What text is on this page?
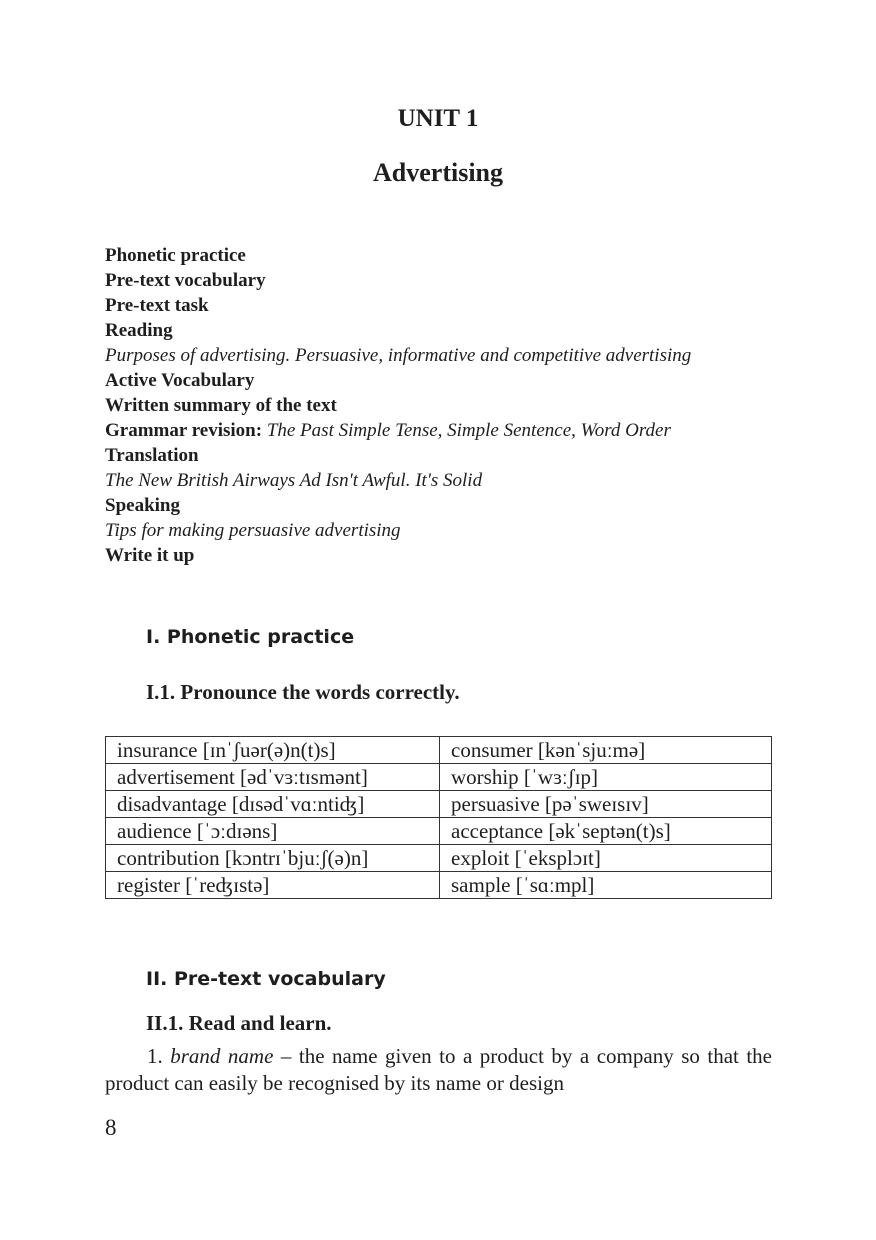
UNIT 1
Advertising
Phonetic practice
Pre-text vocabulary
Pre-text task
Reading
Purposes of advertising. Persuasive, informative and competitive advertising
Active Vocabulary
Written summary of the text
Grammar revision: The Past Simple Tense, Simple Sentence, Word Order
Translation
The New British Airways Ad Isn't Awful. It's Solid
Speaking
Tips for making persuasive advertising
Write it up
I. Phonetic practice
I.1. Pronounce the words correctly.
insurance [ɪnˈʃuər(ə)n(t)s]	consumer [kənˈsjuːmə]
advertisement [ədˈvɜːtɪsmənt]	worship [ˈwɜːʃɪp]
disadvantage [dɪsədˈvɑːntiʤ]	persuasive [pəˈsweɪsɪv]
audience [ˈɔːdɪəns]	acceptance [əkˈseptən(t)s]
contribution [kɔntrɪˈbjuːʃ(ə)n]	exploit [ˈeksplɔɪt]
register [ˈreʤɪstə]	sample [ˈsɑːmpl]
II. Pre-text vocabulary
II.1. Read and learn.
1. brand name – the name given to a product by a company so that the product can easily be recognised by its name or design
8
